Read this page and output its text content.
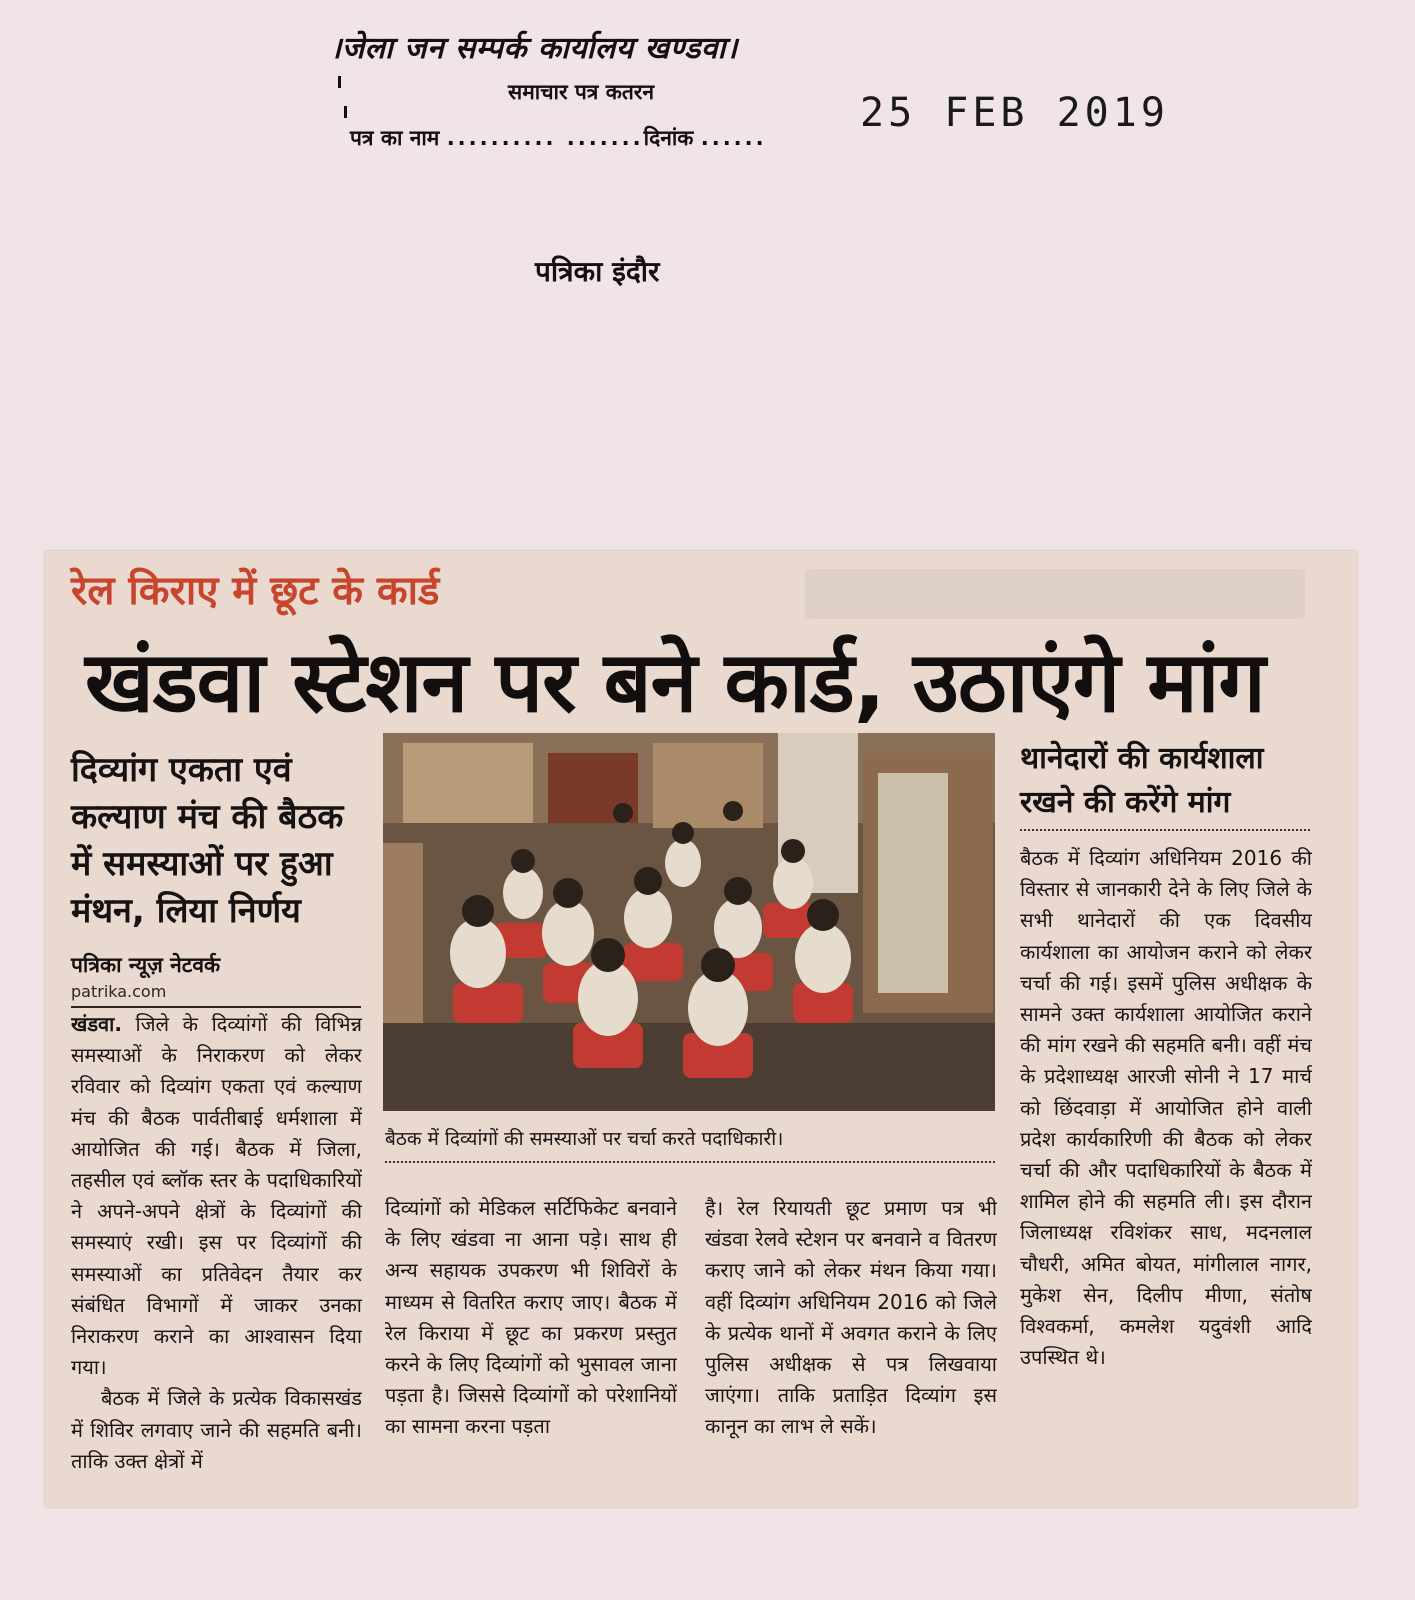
।जेला जन सम्पर्क कार्यालय खण्डवा।
समाचार पत्र कतरन
पत्र का नाम .......... .......दिनांक ......
25 FEB 2019
पत्रिका इंदौर
रेल किराए में छूट के कार्ड
खंडवा स्टेशन पर बने कार्ड, उठाएंगे मांग
दिव्यांग एकता एवं कल्याण मंच की बैठक में समस्याओं पर हुआ मंथन, लिया निर्णय
पत्रिका न्यूज़ नेटवर्क
patrika.com

खंडवा. जिले के दिव्यांगों की विभिन्न समस्याओं के निराकरण को लेकर रविवार को दिव्यांग एकता एवं कल्याण मंच की बैठक पार्वतीबाई धर्मशाला में आयोजित की गई। बैठक में जिला, तहसील एवं ब्लॉक स्तर के पदाधिकारियों ने अपने-अपने क्षेत्रों के दिव्यांगों की समस्याएं रखी। इस पर दिव्यांगों की समस्याओं का प्रतिवेदन तैयार कर संबंधित विभागों में जाकर उनका निराकरण कराने का आश्वासन दिया गया।

बैठक में जिले के प्रत्येक विकासखंड में शिविर लगवाए जाने की सहमति बनी। ताकि उक्त क्षेत्रों में

बैठक में दिव्यांगों की समस्याओं पर चर्चा करते पदाधिकारी।

दिव्यांगों को मेडिकल सर्टिफिकेट बनवाने के लिए खंडवा ना आना पड़े। साथ ही अन्य सहायक उपकरण भी शिविरों के माध्यम से वितरित कराए जाए। बैठक में रेल किराया में छूट का प्रकरण प्रस्तुत करने के लिए दिव्यांगों को भुसावल जाना पड़ता है। जिससे दिव्यांगों को परेशानियों का सामना करना पड़ता

है। रेल रियायती छूट प्रमाण पत्र भी खंडवा रेलवे स्टेशन पर बनवाने व वितरण कराए जाने को लेकर मंथन किया गया। वहीं दिव्यांग अधिनियम 2016 को जिले के प्रत्येक थानों में अवगत कराने के लिए पुलिस अधीक्षक से पत्र लिखवाया जाएंगा। ताकि प्रताड़ित दिव्यांग इस कानून का लाभ ले सकें।

थानेदारों की कार्यशाला रखने की करेंगे मांग

बैठक में दिव्यांग अधिनियम 2016 की विस्तार से जानकारी देने के लिए जिले के सभी थानेदारों की एक दिवसीय कार्यशाला का आयोजन कराने को लेकर चर्चा की गई। इसमें पुलिस अधीक्षक के सामने उक्त कार्यशाला आयोजित कराने की मांग रखने की सहमति बनी। वहीं मंच के प्रदेशाध्यक्ष आरजी सोनी ने 17 मार्च को छिंदवाड़ा में आयोजित होने वाली प्रदेश कार्यकारिणी की बैठक को लेकर चर्चा की और पदाधिकारियों के बैठक में शामिल होने की सहमति ली। इस दौरान जिलाध्यक्ष रविशंकर साध, मदनलाल चौधरी, अमित बोयत, मांगीलाल नागर, मुकेश सेन, दिलीप मीणा, संतोष विश्वकर्मा, कमलेश यदुवंशी आदि उपस्थित थे।
